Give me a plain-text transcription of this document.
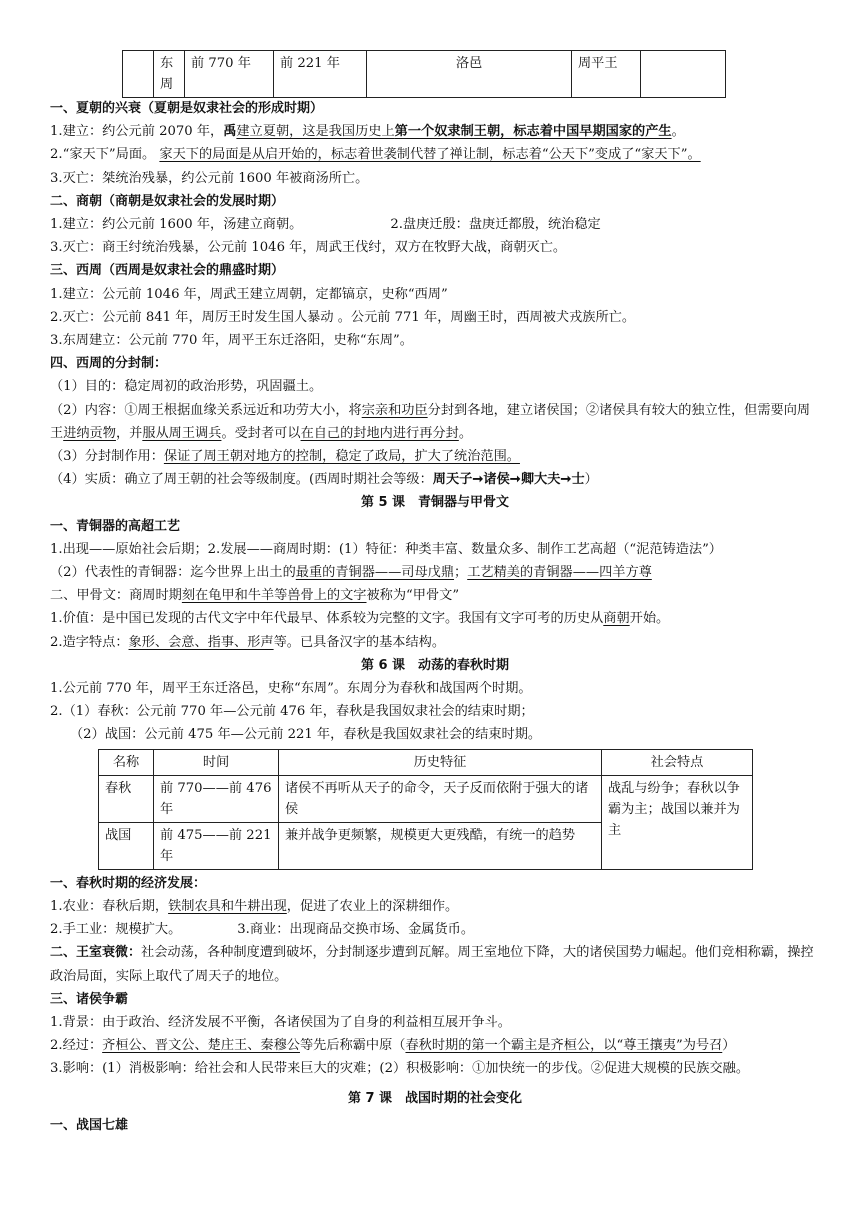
	东周	前 770 年	前 221 年	洛邑	周平王	
一、夏朝的兴衰（夏朝是奴隶社会的形成时期）
1.建立：约公元前 2070 年，禹建立夏朝，这是我国历史上第一个奴隶制王朝，标志着中国早期国家的产生。
2.“家天下”局面。 家天下的局面是从启开始的，标志着世袭制代替了禅让制，标志着“公天下”变成了“家天下”。
3.灭亡：桀统治残暴，约公元前 1600 年被商汤所亡。
二、商朝（商朝是奴隶社会的发展时期）
1.建立：约公元前 1600 年，汤建立商朝。	2.盘庚迁殷：盘庚迁都殷，统治稳定
3.灭亡：商王纣统治残暴，公元前 1046 年，周武王伐纣，双方在牧野大战，商朝灭亡。
三、西周（西周是奴隶社会的鼎盛时期）
1.建立：公元前 1046 年，周武王建立周朝，定都镐京，史称“西周”
2.灭亡：公元前 841 年，周厉王时发生国人暴动 。公元前 771 年，周幽王时，西周被犬戎族所亡。
3.东周建立：公元前 770 年，周平王东迁洛阳，史称“东周”。
四、西周的分封制：
（1）目的：稳定周初的政治形势，巩固疆土。
（2）内容：①周王根据血缘关系远近和功劳大小，将宗亲和功臣分封到各地，建立诸侯国；②诸侯具有较大的独立性，但需要向周王进纳贡物，并服从周王调兵。受封者可以在自己的封地内进行再分封。
（3）分封制作用：保证了周王朝对地方的控制，稳定了政局，扩大了统治范围。
（4）实质：确立了周王朝的社会等级制度。(西周时期社会等级：周天子➞诸侯➞卿大夫➞士）
第 5 课　青铜器与甲骨文
一、青铜器的高超工艺
1.出现——原始社会后期；2.发展——商周时期：(1）特征：种类丰富、数量众多、制作工艺高超（“泥范铸造法”）
（2）代表性的青铜器：迄今世界上出土的最重的青铜器——司母戊鼎；工艺精美的青铜器——四羊方尊
二、甲骨文：商周时期刻在龟甲和牛羊等兽骨上的文字被称为“甲骨文”
1.价值：是中国已发现的古代文字中年代最早、体系较为完整的文字。我国有文字可考的历史从商朝开始。
2.造字特点：象形、会意、指事、形声等。已具备汉字的基本结构。
第 6 课　动荡的春秋时期
1.公元前 770 年，周平王东迁洛邑，史称“东周”。东周分为春秋和战国两个时期。
2.（1）春秋：公元前 770 年—公元前 476 年，春秋是我国奴隶社会的结束时期；
（2）战国：公元前 475 年—公元前 221 年，春秋是我国奴隶社会的结束时期。
名称	时间	历史特征	社会特点
春秋	前 770——前 476 年	诸侯不再听从天子的命令，天子反而依附于强大的诸侯	战乱与纷争；春秋以争霸为主；战国以兼并为主
战国	前 475——前 221 年	兼并战争更频繁，规模更大更残酷，有统一的趋势	
一、春秋时期的经济发展：
1.农业：春秋后期，铁制农具和牛耕出现，促进了农业上的深耕细作。
2.手工业：规模扩大。	3.商业：出现商品交换市场、金属货币。
二、王室衰微：社会动荡，各种制度遭到破坏，分封制逐步遭到瓦解。周王室地位下降，大的诸侯国势力崛起。他们竞相称霸，操控政治局面，实际上取代了周天子的地位。
三、诸侯争霸
1.背景：由于政治、经济发展不平衡，各诸侯国为了自身的利益相互展开争斗。
2.经过：齐桓公、晋文公、楚庄王、秦穆公等先后称霸中原（春秋时期的第一个霸主是齐桓公，以“尊王攘夷”为号召）
3.影响：(1）消极影响：给社会和人民带来巨大的灾难；(2）积极影响：①加快统一的步伐。②促进大规模的民族交融。
第 7 课　战国时期的社会变化
一、战国七雄
